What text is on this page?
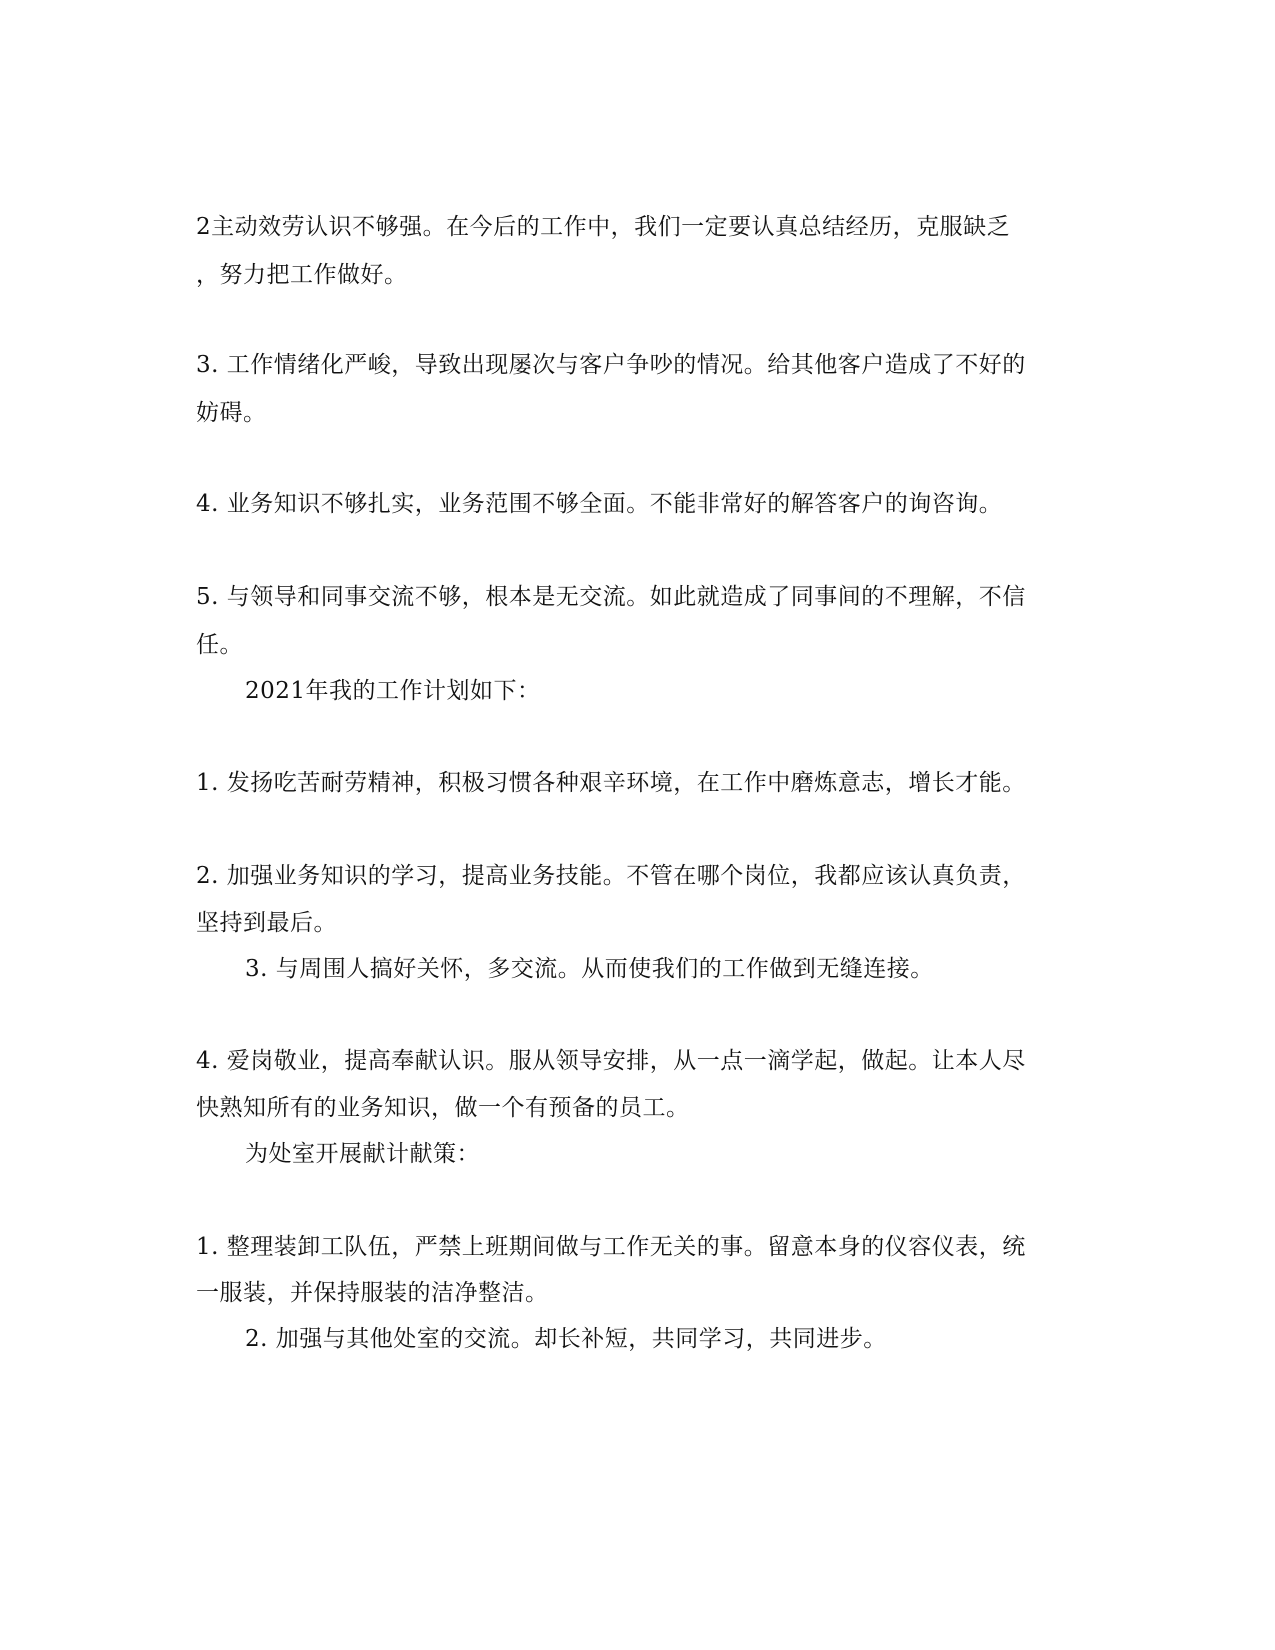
2主动效劳认识不够强。在今后的工作中，我们一定要认真总结经历，克服缺乏
，努力把工作做好。
3. 工作情绪化严峻，导致出现屡次与客户争吵的情况。给其他客户造成了不好的
妨碍。
4. 业务知识不够扎实，业务范围不够全面。不能非常好的解答客户的询咨询。
5. 与领导和同事交流不够，根本是无交流。如此就造成了同事间的不理解，不信
任。
2021年我的工作计划如下：
1. 发扬吃苦耐劳精神，积极习惯各种艰辛环境，在工作中磨炼意志，增长才能。
2. 加强业务知识的学习，提高业务技能。不管在哪个岗位，我都应该认真负责，
坚持到最后。
3. 与周围人搞好关怀，多交流。从而使我们的工作做到无缝连接。
4. 爱岗敬业，提高奉献认识。服从领导安排，从一点一滴学起，做起。让本人尽
快熟知所有的业务知识，做一个有预备的员工。
为处室开展献计献策：
1. 整理装卸工队伍，严禁上班期间做与工作无关的事。留意本身的仪容仪表，统
一服装，并保持服装的洁净整洁。
2. 加强与其他处室的交流。却长补短，共同学习，共同进步。
